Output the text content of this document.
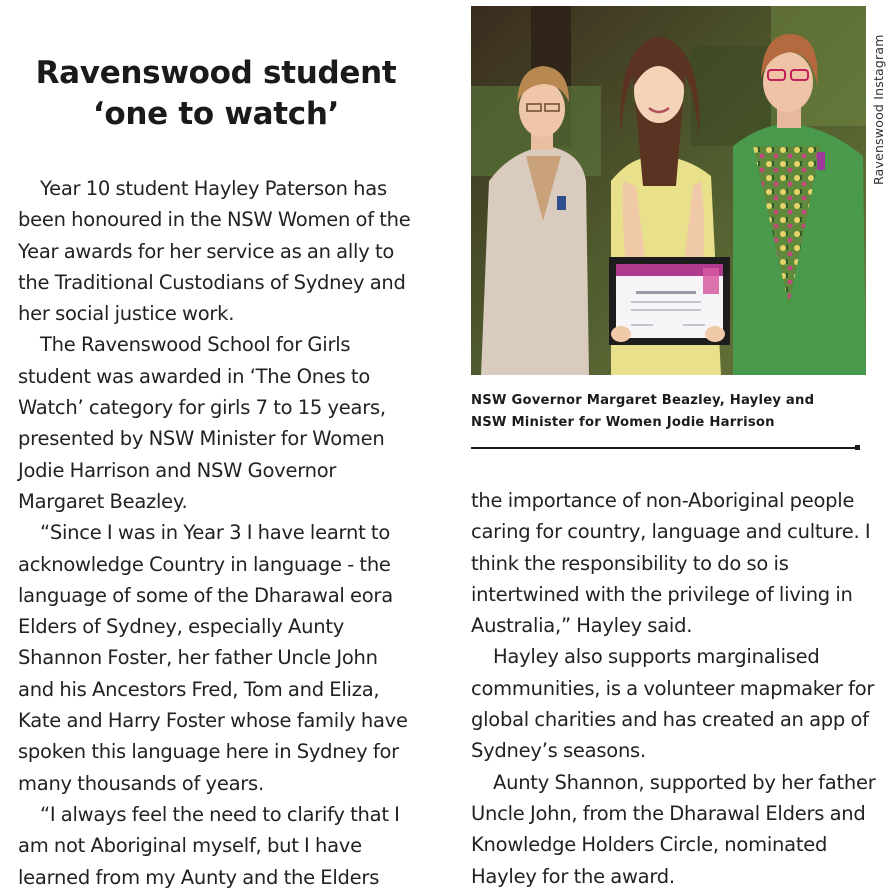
Ravenswood student
‘one to watch’

Year 10 student Hayley Paterson has been honoured in the NSW Women of the Year awards for her service as an ally to the Traditional Custodians of Sydney and her social justice work.

The Ravenswood School for Girls student was awarded in ‘The Ones to Watch’ category for girls 7 to 15 years, presented by NSW Minister for Women Jodie Harrison and NSW Governor Margaret Beazley.

“Since I was in Year 3 I have learnt to acknowledge Country in language - the language of some of the Dharawal eora Elders of Sydney, especially Aunty Shannon Foster, her father Uncle John and his Ancestors Fred, Tom and Eliza, Kate and Harry Foster whose family have spoken this language here in Sydney for many thousands of years.

“I always feel the need to clarify that I am not Aboriginal myself, but I have learned from my Aunty and the Elders

Ravenswood Instagram
NSW Governor Margaret Beazley, Hayley and
NSW Minister for Women Jodie Harrison

the importance of non-Aboriginal people caring for country, language and culture. I think the responsibility to do so is intertwined with the privilege of living in Australia,” Hayley said.

Hayley also supports marginalised communities, is a volunteer mapmaker for global charities and has created an app of Sydney’s seasons.

Aunty Shannon, supported by her father Uncle John, from the Dharawal Elders and Knowledge Holders Circle, nominated Hayley for the award.
